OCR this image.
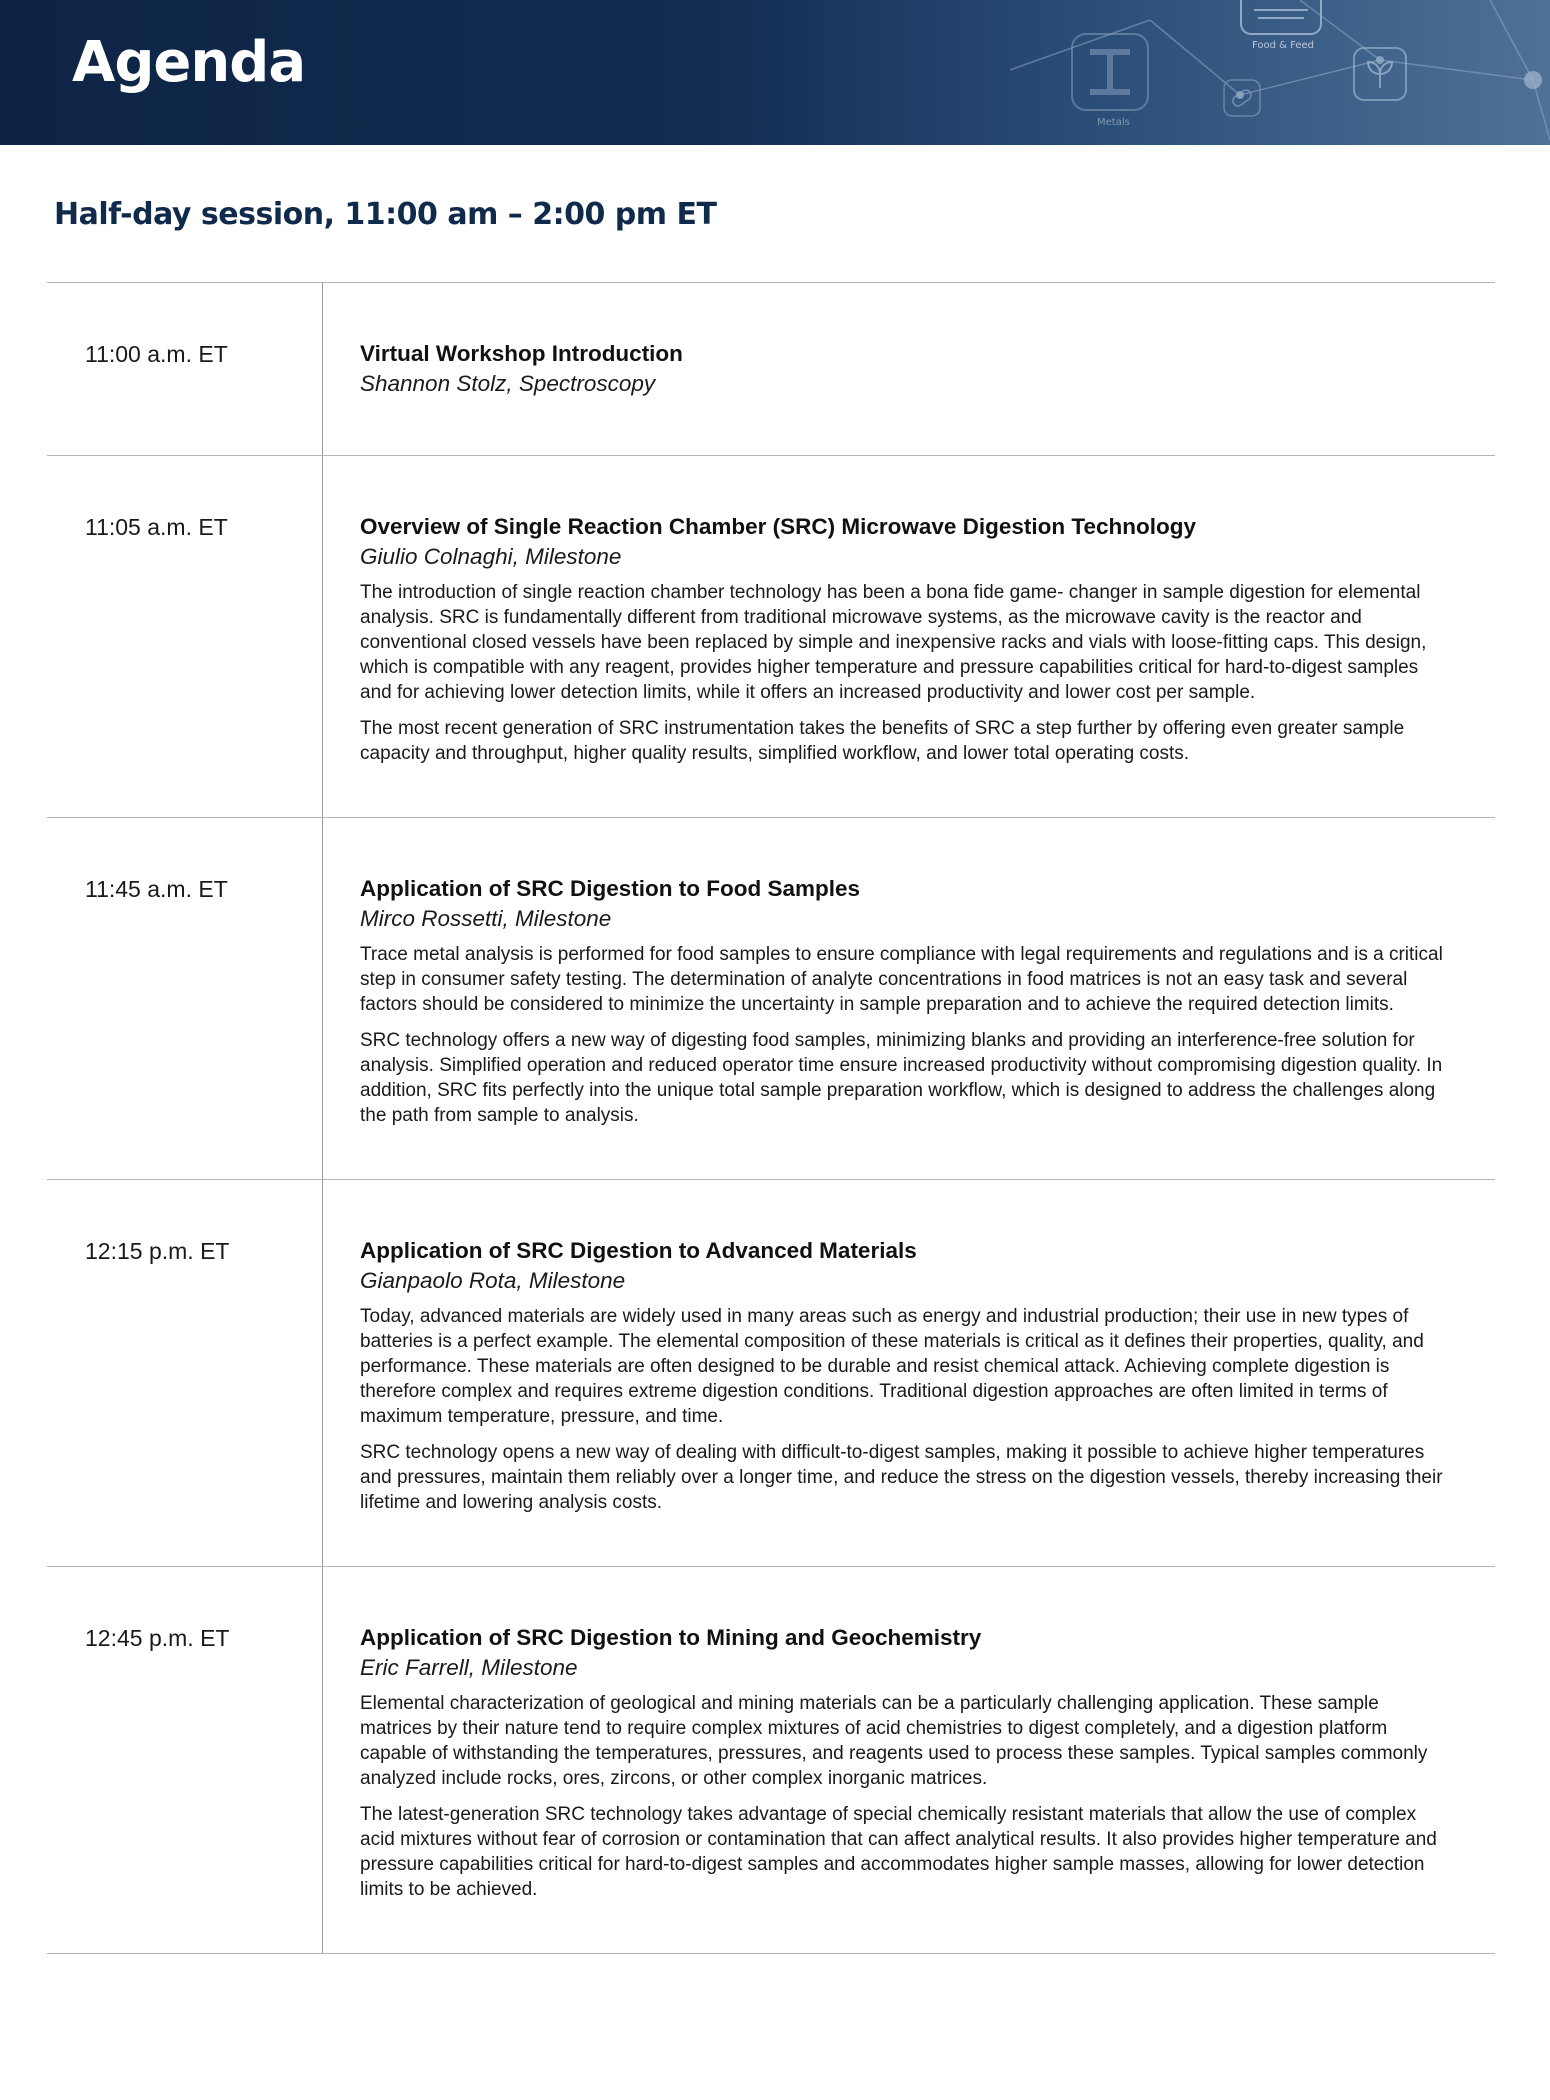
Food & Feed
Metals
Agenda
Half-day session, 11:00 am – 2:00 pm ET
11:00 a.m. ET	Virtual Workshop Introduction
Shannon Stolz, Spectroscopy
11:05 a.m. ET	Overview of Single Reaction Chamber (SRC) Microwave Digestion Technology
Giulio Colnaghi, Milestone

The introduction of single reaction chamber technology has been a bona fide game- changer in sample digestion for elemental analysis. SRC is fundamentally different from traditional microwave systems, as the microwave cavity is the reactor and conventional closed vessels have been replaced by simple and inexpensive racks and vials with loose-fitting caps. This design, which is compatible with any reagent, provides higher temperature and pressure capabilities critical for hard-to-digest samples and for achieving lower detection limits, while it offers an increased productivity and lower cost per sample.

The most recent generation of SRC instrumentation takes the benefits of SRC a step further by offering even greater sample capacity and throughput, higher quality results, simplified workflow, and lower total operating costs.

11:45 a.m. ET	Application of SRC Digestion to Food Samples
Mirco Rossetti, Milestone

Trace metal analysis is performed for food samples to ensure compliance with legal requirements and regulations and is a critical step in consumer safety testing. The determination of analyte concentrations in food matrices is not an easy task and several factors should be considered to minimize the uncertainty in sample preparation and to achieve the required detection limits.

SRC technology offers a new way of digesting food samples, minimizing blanks and providing an interference-free solution for analysis. Simplified operation and reduced operator time ensure increased productivity without compromising digestion quality. In addition, SRC fits perfectly into the unique total sample preparation workflow, which is designed to address the challenges along the path from sample to analysis.

12:15 p.m. ET	Application of SRC Digestion to Advanced Materials
Gianpaolo Rota, Milestone

Today, advanced materials are widely used in many areas such as energy and industrial production; their use in new types of batteries is a perfect example. The elemental composition of these materials is critical as it defines their properties, quality, and performance. These materials are often designed to be durable and resist chemical attack. Achieving complete digestion is therefore complex and requires extreme digestion conditions. Traditional digestion approaches are often limited in terms of maximum temperature, pressure, and time.

SRC technology opens a new way of dealing with difficult-to-digest samples, making it possible to achieve higher temperatures and pressures, maintain them reliably over a longer time, and reduce the stress on the digestion vessels, thereby increasing their lifetime and lowering analysis costs.

12:45 p.m. ET	Application of SRC Digestion to Mining and Geochemistry
Eric Farrell, Milestone

Elemental characterization of geological and mining materials can be a particularly challenging application. These sample matrices by their nature tend to require complex mixtures of acid chemistries to digest completely, and a digestion platform capable of withstanding the temperatures, pressures, and reagents used to process these samples. Typical samples commonly analyzed include rocks, ores, zircons, or other complex inorganic matrices.

The latest-generation SRC technology takes advantage of special chemically resistant materials that allow the use of complex acid mixtures without fear of corrosion or contamination that can affect analytical results. It also provides higher temperature and pressure capabilities critical for hard-to-digest samples and accommodates higher sample masses, allowing for lower detection limits to be achieved.
